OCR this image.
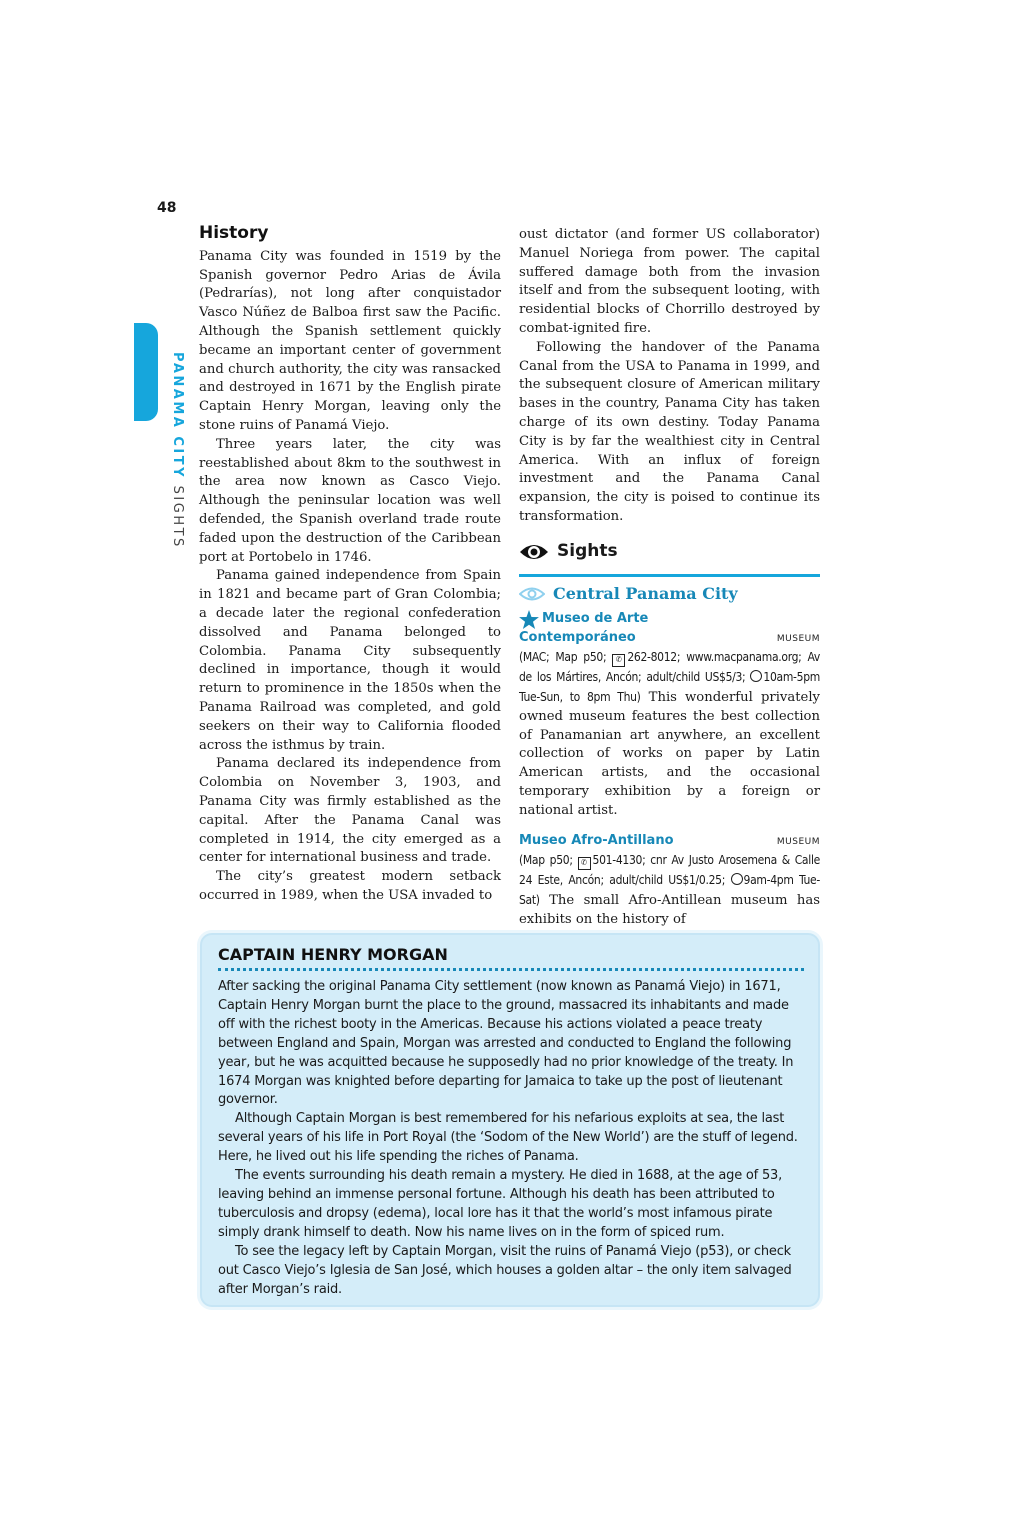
48
PANAMA CITY SIGHTS
History

Panama City was founded in 1519 by the Spanish governor Pedro Arias de Ávila (Pedrarías), not long after conquistador Vasco Núñez de Balboa first saw the Pacific. Although the Spanish settlement quickly became an important center of government and church authority, the city was ransacked and destroyed in 1671 by the English pirate Captain Henry Morgan, leaving only the stone ruins of Panamá Viejo.

Three years later, the city was reestablished about 8km to the southwest in the area now known as Casco Viejo. Although the peninsular location was well defended, the Spanish overland trade route faded upon the destruction of the Caribbean port at Portobelo in 1746.

Panama gained independence from Spain in 1821 and became part of Gran Colombia; a decade later the regional confederation dissolved and Panama belonged to Colombia. Panama City subsequently declined in importance, though it would return to prominence in the 1850s when the Panama Railroad was completed, and gold seekers on their way to California flooded across the isthmus by train.

Panama declared its independence from Colombia on November 3, 1903, and Panama City was firmly established as the capital. After the Panama Canal was completed in 1914, the city emerged as a center for international business and trade.

The city’s greatest modern setback occurred in 1989, when the USA invaded to

oust dictator (and former US collaborator) Manuel Noriega from power. The capital suffered damage both from the invasion itself and from the subsequent looting, with residential blocks of Chorrillo destroyed by combat-ignited fire.

Following the handover of the Panama Canal from the USA to Panama in 1999, and the subsequent closure of American military bases in the country, Panama City has taken charge of its own destiny. Today Panama City is by far the wealthiest city in Central America. With an influx of foreign investment and the Panama Canal expansion, the city is poised to continue its transformation.

Sights
Central Panama City
Museo de Arte
Contemporáneo	MUSEUM

(MAC; Map p50; ✆ 262-8012; www.macpanama.org; Av de los Mártires, Ancón; adult/child US$5/3; 10am-5pm Tue-Sun, to 8pm Thu) This wonderful privately owned museum features the best collection of Panamanian art anywhere, an excellent collection of works on paper by Latin American artists, and the occasional temporary exhibition by a foreign or national artist.

Museo Afro-Antillano	MUSEUM

(Map p50; ✆ 501-4130; cnr Av Justo Arosemena & Calle 24 Este, Ancón; adult/child US$1/0.25; 9am-4pm Tue-Sat) The small Afro-Antillean museum has exhibits on the history of

CAPTAIN HENRY MORGAN

After sacking the original Panama City settlement (now known as Panamá Viejo) in 1671, Captain Henry Morgan burnt the place to the ground, massacred its inhabitants and made off with the richest booty in the Americas. Because his actions violated a peace treaty between England and Spain, Morgan was arrested and conducted to England the following year, but he was acquitted because he supposedly had no prior knowledge of the treaty. In 1674 Morgan was knighted before departing for Jamaica to take up the post of lieutenant governor.

Although Captain Morgan is best remembered for his nefarious exploits at sea, the last several years of his life in Port Royal (the ‘Sodom of the New World’) are the stuff of legend. Here, he lived out his life spending the riches of Panama.

The events surrounding his death remain a mystery. He died in 1688, at the age of 53, leaving behind an immense personal fortune. Although his death has been attributed to tuberculosis and dropsy (edema), local lore has it that the world’s most infamous pirate simply drank himself to death. Now his name lives on in the form of spiced rum.

To see the legacy left by Captain Morgan, visit the ruins of Panamá Viejo (p53), or check out Casco Viejo’s Iglesia de San José, which houses a golden altar – the only item salvaged after Morgan’s raid.
